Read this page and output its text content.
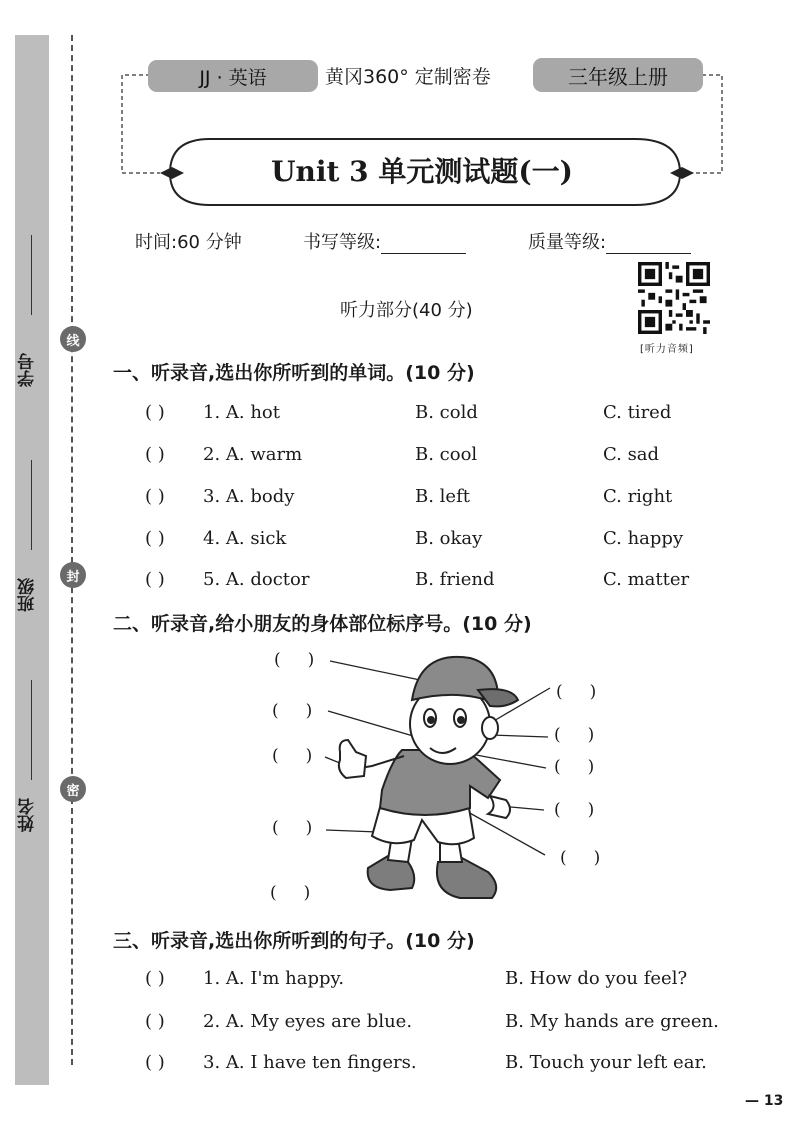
学号
班级
姓名
线
封
密
JJ · 英语	黄冈360° 定制密卷	三年级上册
Unit 3 单元测试题(一)
时间:60 分钟	书写等级:	质量等级:
[听力音频]
听力部分(40 分)
一、听录音,选出你所听到的单词。(10 分)
( ) 1. A. hot	B. cold	C. tired
( ) 2. A. warm	B. cool	C. sad
( ) 3. A. body	B. left	C. right
( ) 4. A. sick	B. okay	C. happy
( ) 5. A. doctor	B. friend	C. matter
二、听录音,给小朋友的身体部位标序号。(10 分)
(     )
(     )
(     )
(     )
(     )
(     )
(     )
(     )
(     )
(     )
三、听录音,选出你所听到的句子。(10 分)
( ) 1. A. I'm happy.	B. How do you feel?
( ) 2. A. My eyes are blue.	B. My hands are green.
( ) 3. A. I have ten fingers.	B. Touch your left ear.
— 13
